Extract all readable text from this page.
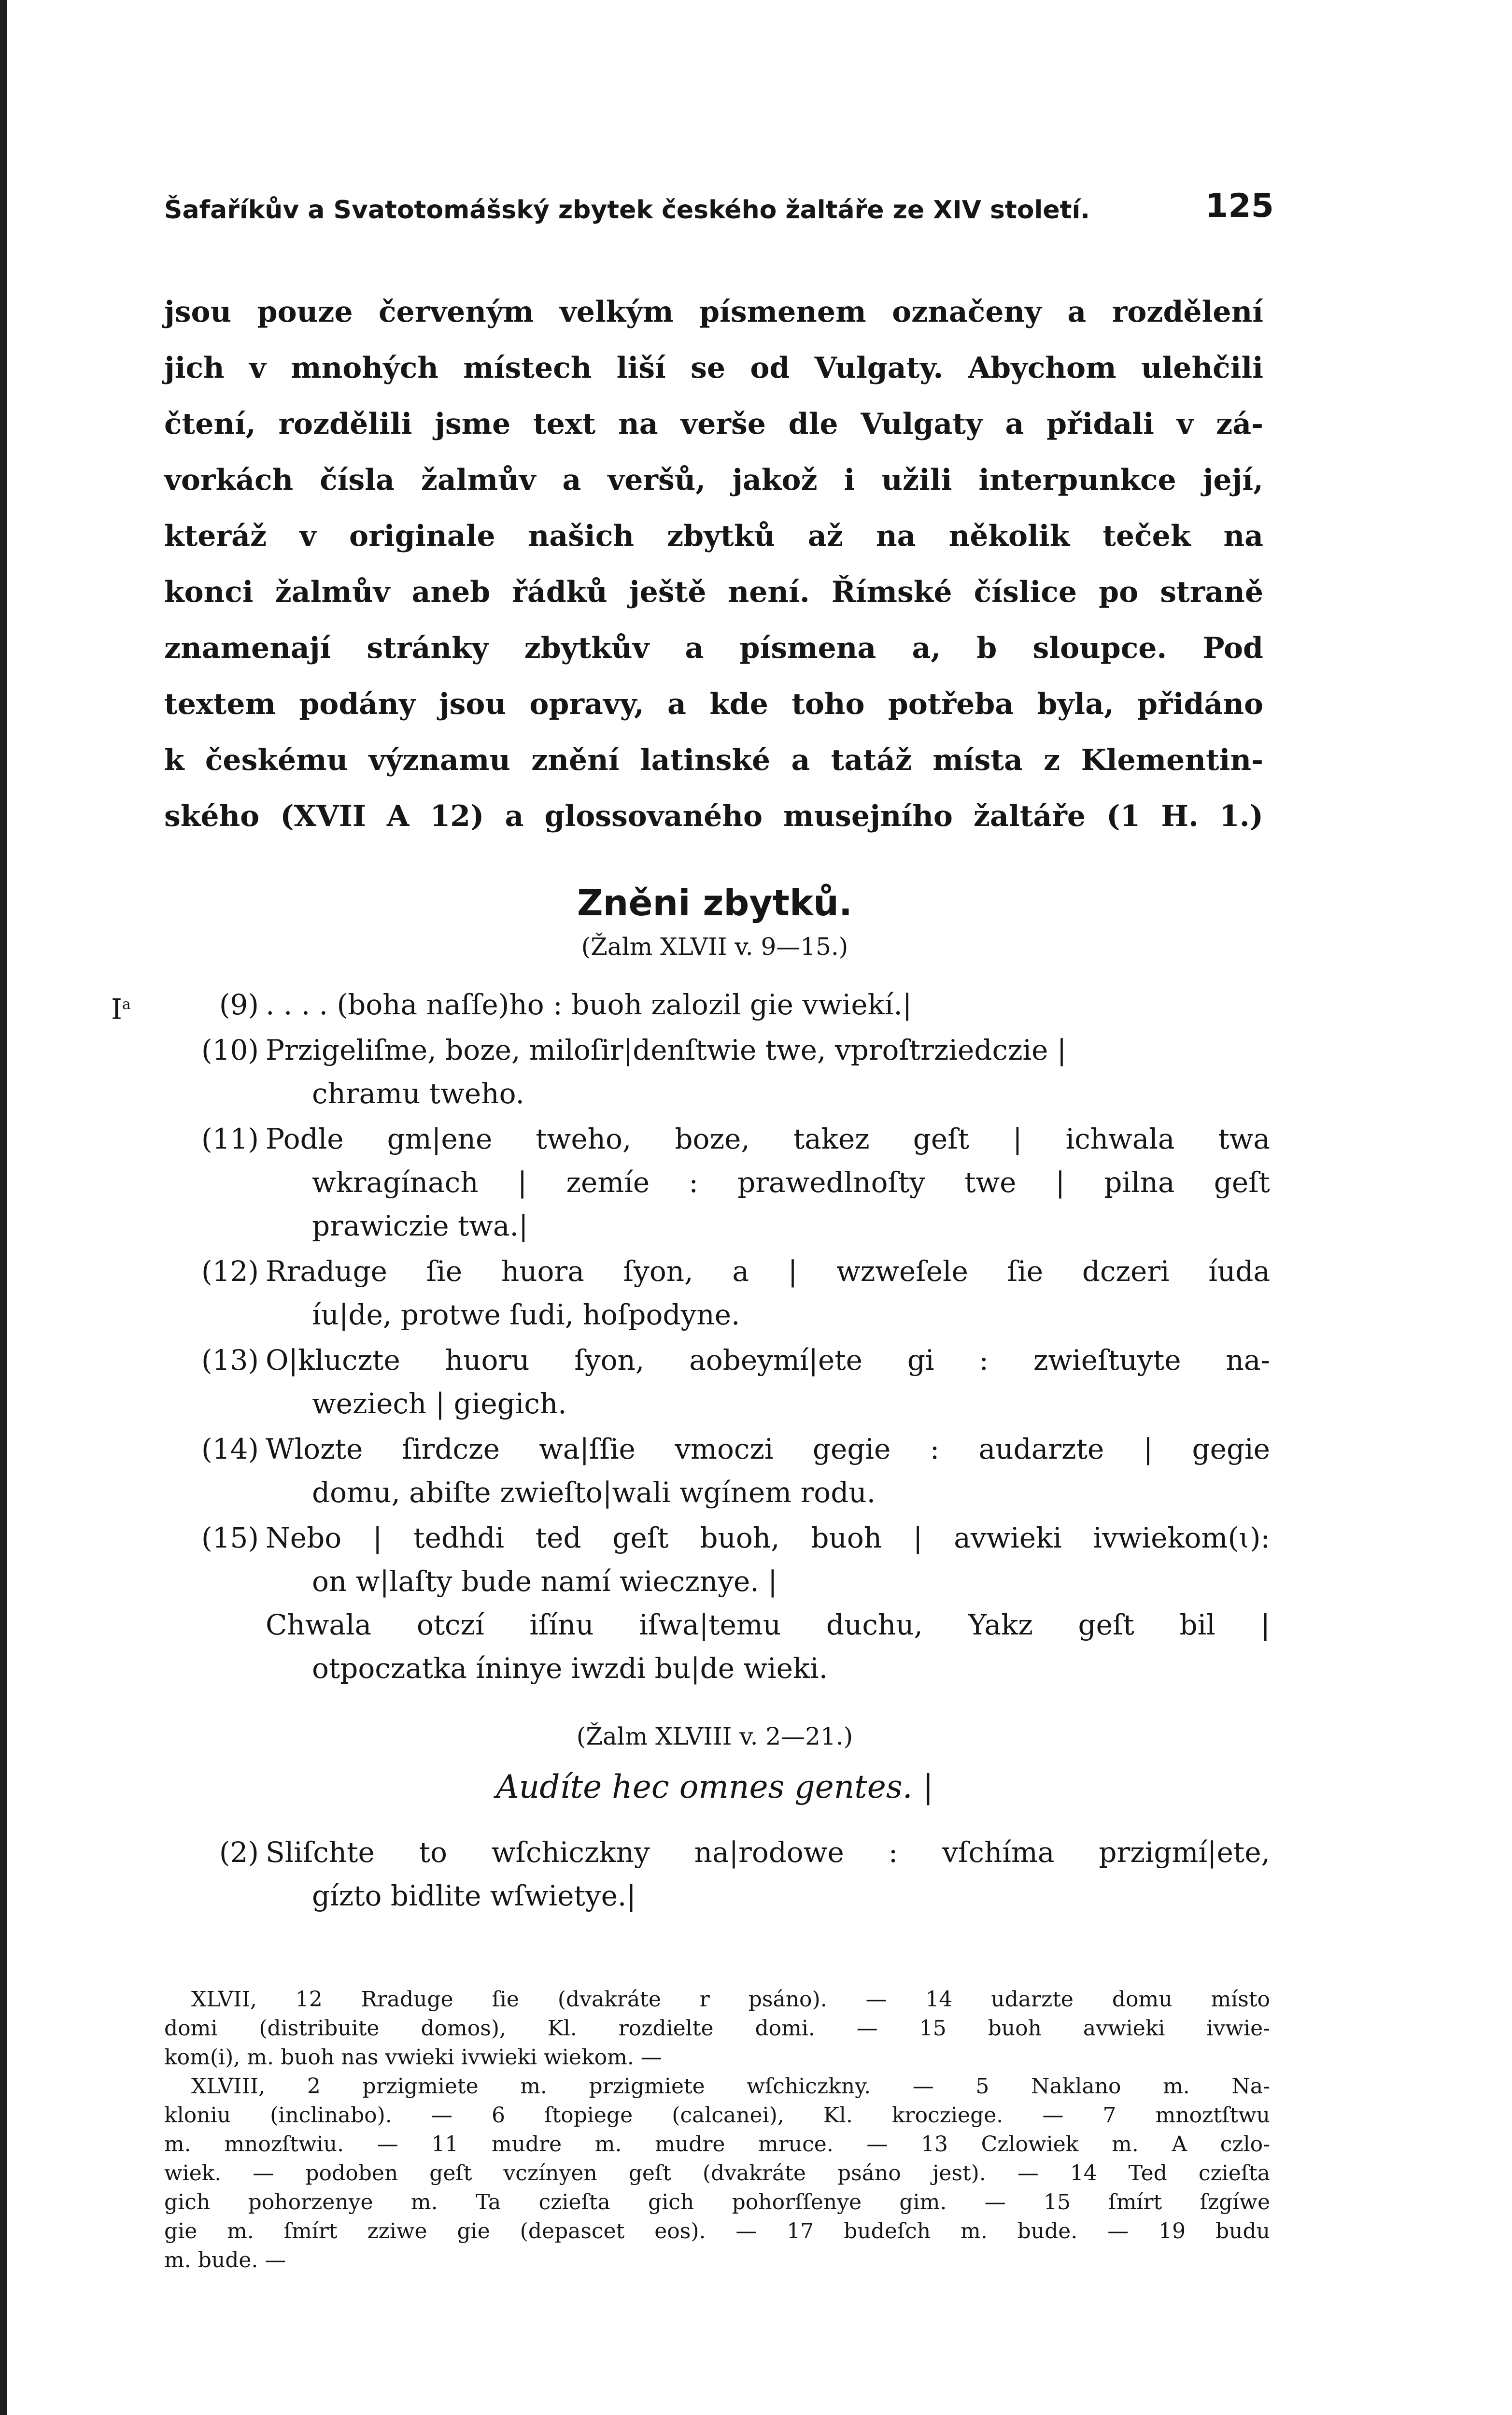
Šafaříkův a Svatotomášský zbytek českého žaltáře ze XIV století.	125
jsou pouze červeným velkým písmenem označeny a rozdělení
jich v mnohých místech liší se od Vulgaty. Abychom ulehčili
čtení, rozdělili jsme text na verše dle Vulgaty a přidali v zá-
vorkách čísla žalmův a veršů, jakož i užili interpunkce její,
kteráž v originale našich zbytků až na několik teček na
konci žalmův aneb řádků ještě není. Římské číslice po straně
znamenají stránky zbytkův a písmena a, b sloupce. Pod
textem podány jsou opravy, a kde toho potřeba byla, přidáno
k českému významu znění latinské a tatáž místa z Klementin-
ského (XVII A 12) a glossovaného musejního žaltáře (1 H. 1.)
Zněni zbytků.
(Žalm XLVII v. 9—15.)
$I^a$	(9) . . . . (boha naſſe)ho : buoh zalozil gie vwiekí.|
(10) Przigeliſme, boze, miloſir|denſtwie twe, vproſtrziedczie |
chramu tweho.
(11) Podle gm|ene tweho, boze, takez geſt | ichwala twa
wkragínach | zemíe : prawedlnoſty twe | pilna geſt
prawiczie twa.|
(12) Rraduge ſie huora ſyon, a | wzweſele ſie dczeri íuda
íu|de, protwe ſudi, hoſpodyne.
(13) O|kluczte huoru ſyon, aobeymí|ete gi : zwieſtuyte na-
weziech | giegich.
(14) Wlozte ſirdcze wa|ſſie vmoczi gegie : audarzte | gegie
domu, abiſte zwieſto|wali wgínem rodu.
(15) Nebo | tedhdi ted geſt buoh, buoh | avwieki ivwiekom(ɩ):
on w|laſty bude namí wiecznye. |
Chwala otczí iſínu iſwa|temu duchu, Yakz geſt bil |
otpoczatka íninye iwzdi bu|de wieki.
(Žalm XLVIII v. 2—21.)
Audíte hec omnes gentes. |
(2) Sliſchte to wſchiczkny na|rodowe : vſchíma przigmí|ete,
gízto bidlite wſwietye.|
XLVII, 12 Rraduge ſie (dvakráte r psáno). — 14 udarzte domu místo
domi (distribuite domos), Kl. rozdielte domi. — 15 buoh avwieki ivwie-
kom(i), m. buoh nas vwieki ivwieki wiekom. —
XLVIII, 2 przigmiete m. przigmiete wſchiczkny. — 5 Naklano m. Na-
kloniu (inclinabo). — 6 ſtopiege (calcanei), Kl. krocziege. — 7 mnoztſtwu
m. mnozſtwiu. — 11 mudre m. mudre mruce. — 13 Czlowiek m. A czlo-
wiek. — podoben geſt vczínyen geſt (dvakráte psáno jest). — 14 Ted czieſta
gich pohorzenye m. Ta czieſta gich pohorſſenye gim. — 15 ſmírt ſzgíwe
gie m. ſmírt zziwe gie (depascet eos). — 17 budeſch m. bude. — 19 budu
m. bude. —
